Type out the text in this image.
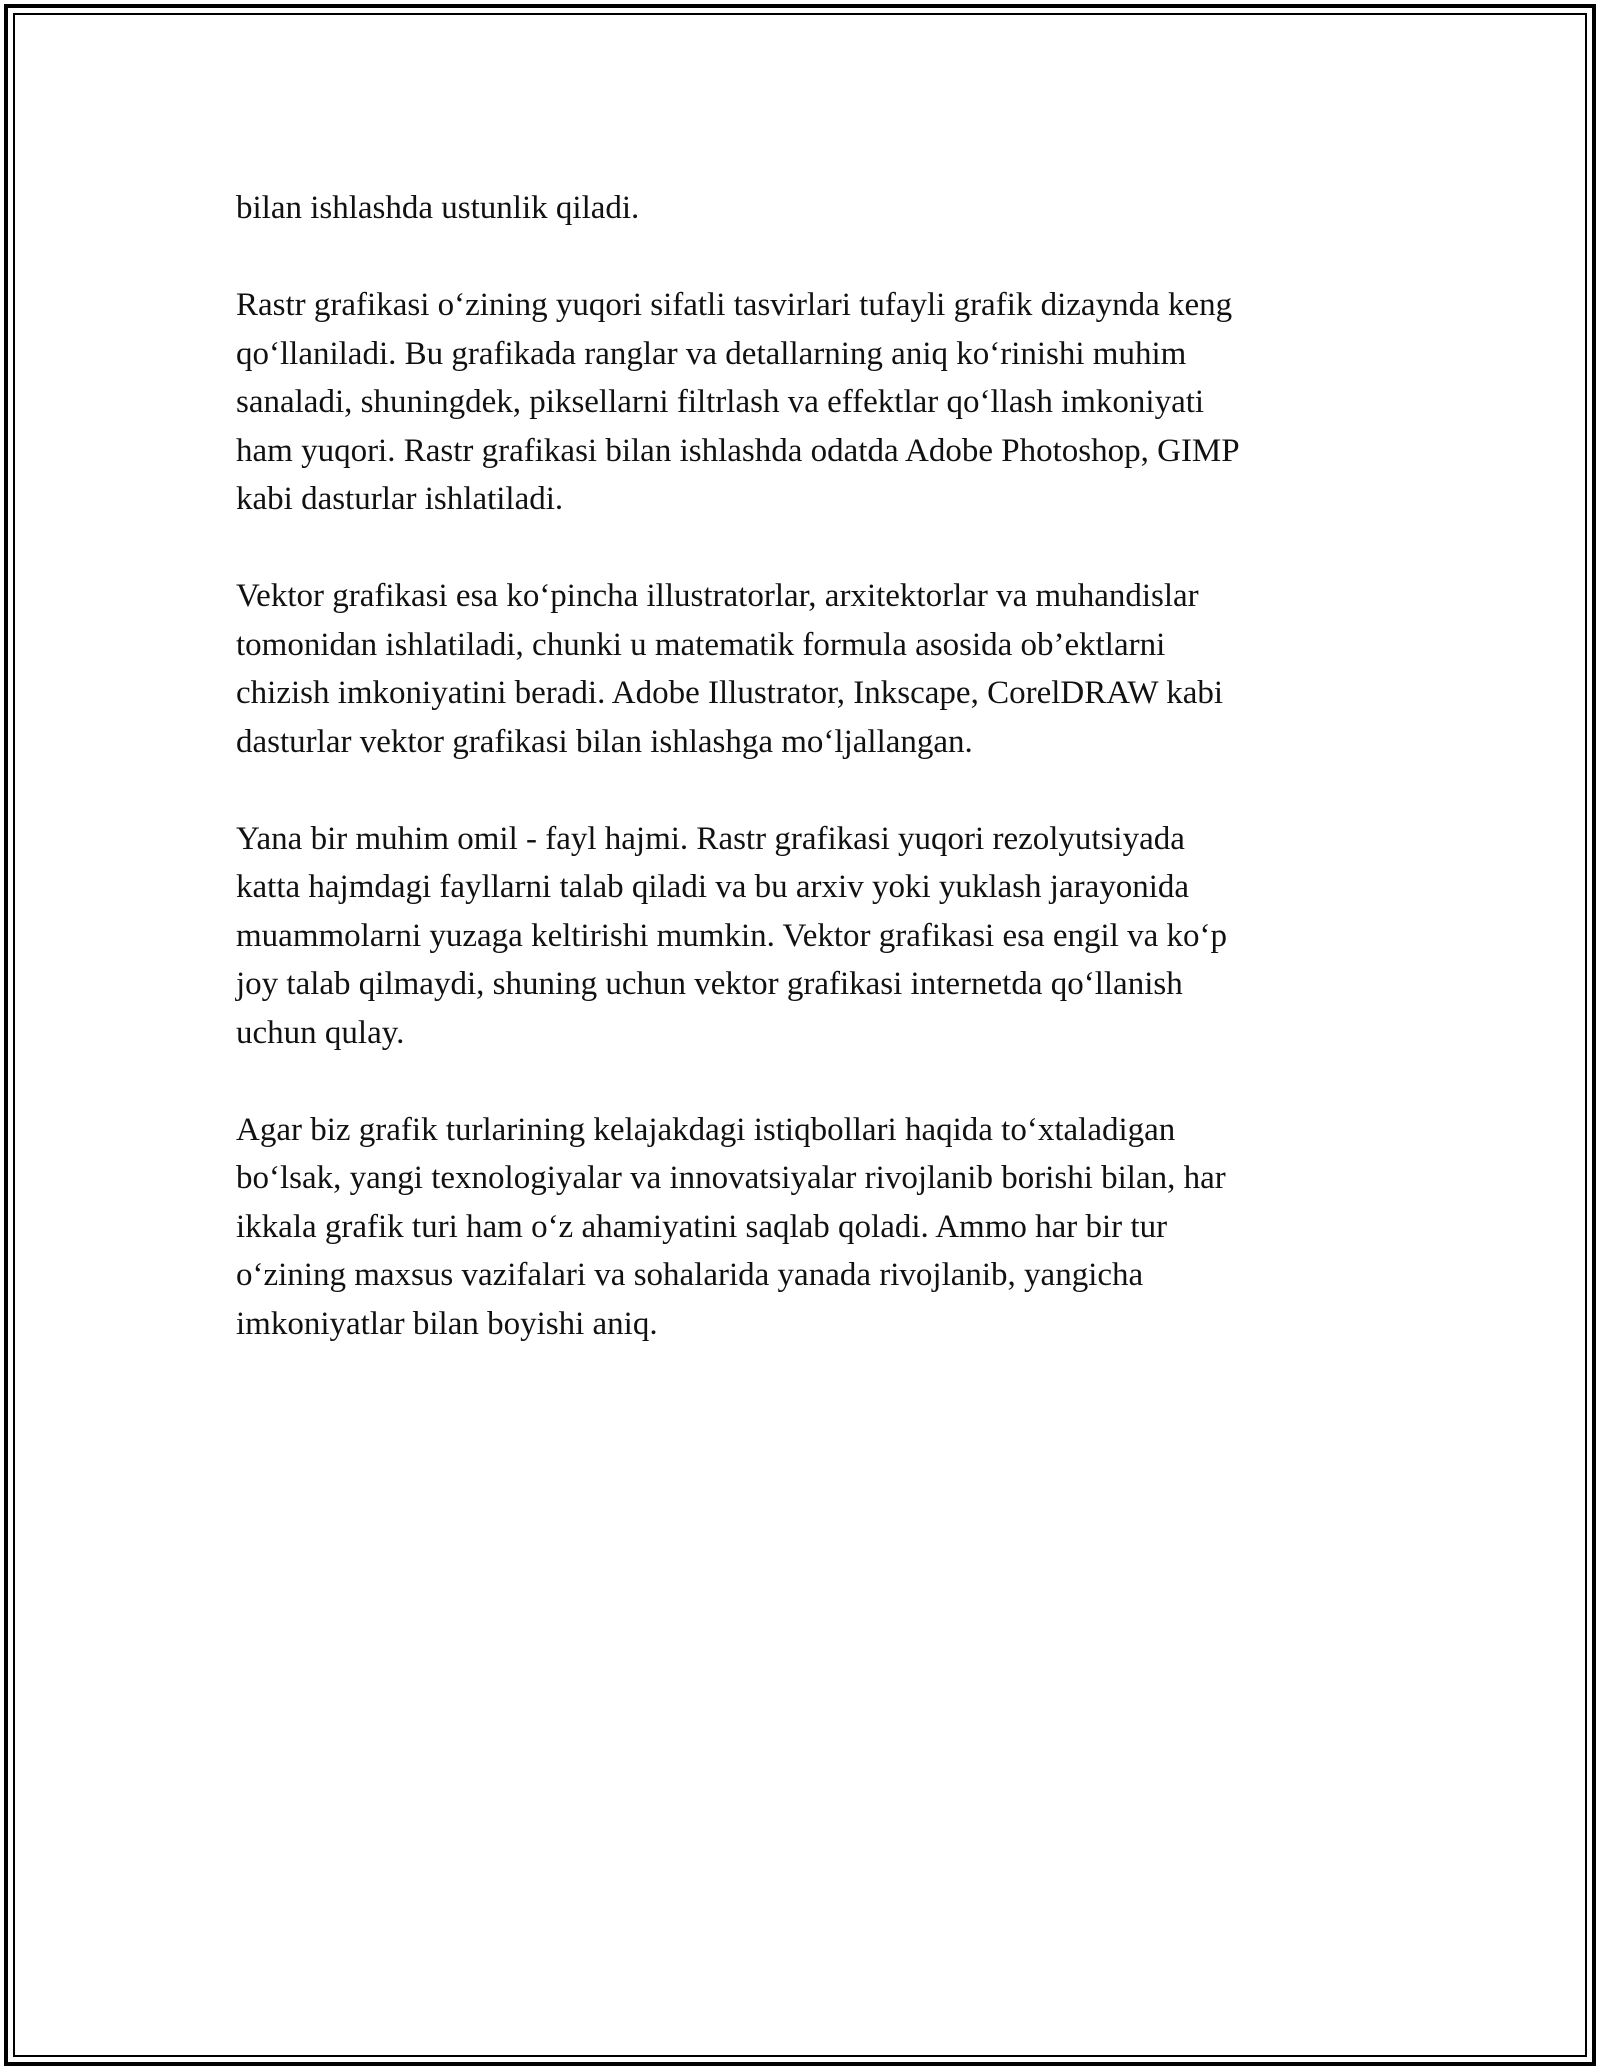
bilan ishlashda ustunlik qiladi.

Rastr grafikasi o‘zining yuqori sifatli tasvirlari tufayli grafik dizaynda keng
qo‘llaniladi. Bu grafikada ranglar va detallarning aniq ko‘rinishi muhim
sanaladi, shuningdek, piksellarni filtrlash va effektlar qo‘llash imkoniyati
ham yuqori. Rastr grafikasi bilan ishlashda odatda Adobe Photoshop, GIMP
kabi dasturlar ishlatiladi.

Vektor grafikasi esa ko‘pincha illustratorlar, arxitektorlar va muhandislar
tomonidan ishlatiladi, chunki u matematik formula asosida ob’ektlarni
chizish imkoniyatini beradi. Adobe Illustrator, Inkscape, CorelDRAW kabi
dasturlar vektor grafikasi bilan ishlashga mo‘ljallangan.

Yana bir muhim omil - fayl hajmi. Rastr grafikasi yuqori rezolyutsiyada
katta hajmdagi fayllarni talab qiladi va bu arxiv yoki yuklash jarayonida
muammolarni yuzaga keltirishi mumkin. Vektor grafikasi esa engil va ko‘p
joy talab qilmaydi, shuning uchun vektor grafikasi internetda qo‘llanish
uchun qulay.

Agar biz grafik turlarining kelajakdagi istiqbollari haqida to‘xtaladigan
bo‘lsak, yangi texnologiyalar va innovatsiyalar rivojlanib borishi bilan, har
ikkala grafik turi ham o‘z ahamiyatini saqlab qoladi. Ammo har bir tur
o‘zining maxsus vazifalari va sohalarida yanada rivojlanib, yangicha
imkoniyatlar bilan boyishi aniq.
